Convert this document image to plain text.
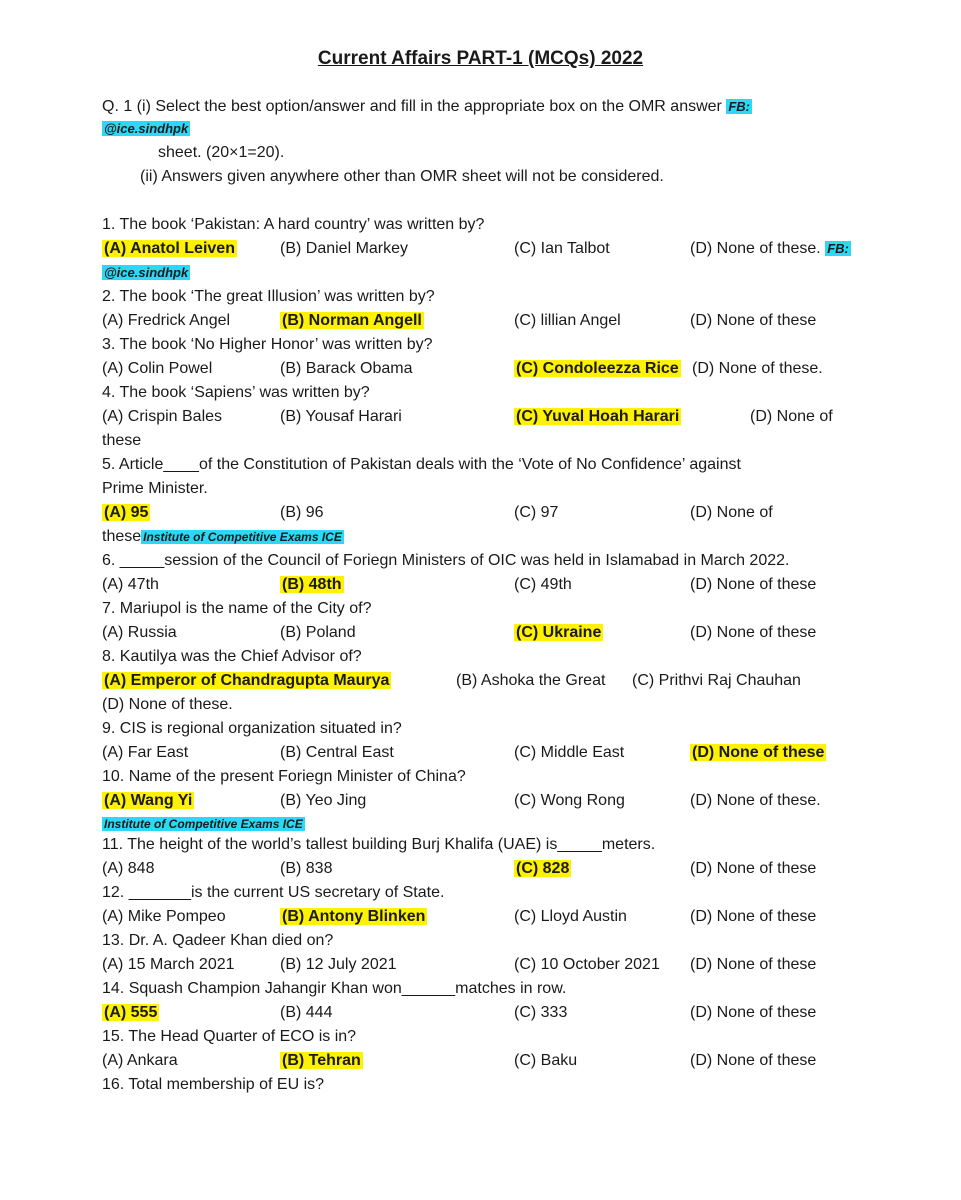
Current Affairs PART-1 (MCQs) 2022
Q. 1 (i) Select the best option/answer and fill in the appropriate box on the OMR answer FB:
@ice.sindhpk
sheet. (20×1=20).
(ii) Answers given anywhere other than OMR sheet will not be considered.
1. The book ‘Pakistan: A hard country’ was written by?
(A) Anatol Leiven	(B) Daniel Markey	(C) Ian Talbot	(D) None of these. FB:
@ice.sindhpk
2. The book ‘The great Illusion’ was written by?
(A) Fredrick Angel	(B) Norman Angell	(C) lillian Angel	(D) None of these
3. The book ‘No Higher Honor’ was written by?
(A) Colin Powel	(B) Barack Obama	(C) Condoleezza Rice (D) None of these.
4. The book ‘Sapiens’ was written by?
(A) Crispin Bales	(B) Yousaf Harari	(C) Yuval Hoah Harari	(D) None of
these
5. Article____of the Constitution of Pakistan deals with the ‘Vote of No Confidence’ against
Prime Minister.
(A) 95	(B) 96	(C) 97	(D) None of
these Institute of Competitive Exams ICE
6. _____session of the Council of Foriegn Ministers of OIC was held in Islamabad in March 2022.
(A) 47th	(B) 48th	(C) 49th	(D) None of these
7. Mariupol is the name of the City of?
(A) Russia	(B) Poland	(C) Ukraine	(D) None of these
8. Kautilya was the Chief Advisor of?
(A) Emperor of Chandragupta Maurya	(B) Ashoka the Great (C) Prithvi Raj Chauhan
(D) None of these.
9. CIS is regional organization situated in?
(A) Far East	(B) Central East	(C) Middle East	(D) None of these
10. Name of the present Foriegn Minister of China?
(A) Wang Yi	(B) Yeo Jing	(C) Wong Rong	(D) None of these.
Institute of Competitive Exams ICE
11. The height of the world’s tallest building Burj Khalifa (UAE) is_____meters.
(A) 848	(B) 838	(C) 828	(D) None of these
12. _______is the current US secretary of State.
(A) Mike Pompeo	(B) Antony Blinken	(C) Lloyd Austin	(D) None of these
13. Dr. A. Qadeer Khan died on?
(A) 15 March 2021	(B) 12 July 2021	(C) 10 October 2021 (D) None of these
14. Squash Champion Jahangir Khan won______matches in row.
(A) 555	(B) 444	(C) 333	(D) None of these
15. The Head Quarter of ECO is in?
(A) Ankara	(B) Tehran	(C) Baku	(D) None of these
16. Total membership of EU is?
